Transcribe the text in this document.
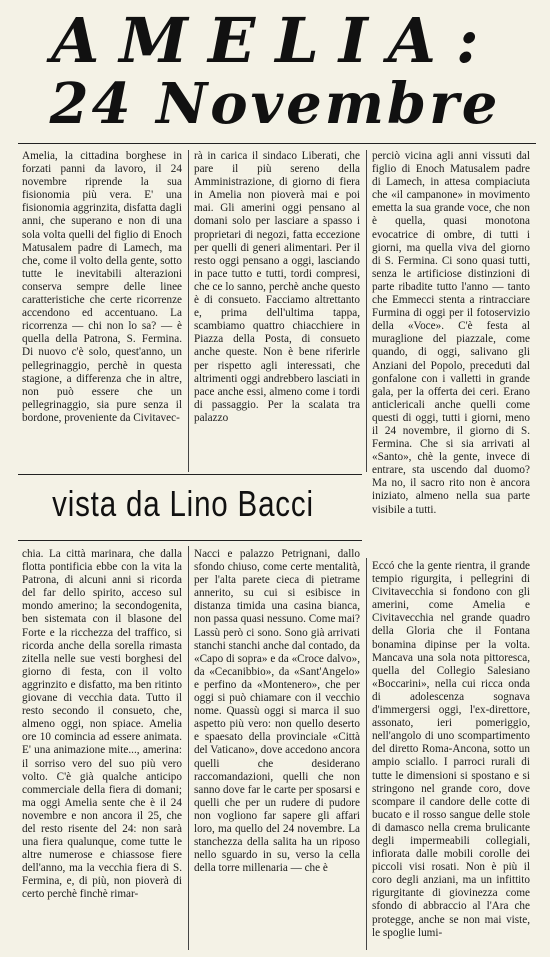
AMELIA:
24 Novembre
Amelia, la cittadina borghese in forzati panni da lavoro, il 24 novembre riprende la sua fisionomia più vera. E' una fisionomia aggrinzita, disfatta dagli anni, che superano e non di una sola volta quelli del figlio di Enoch Matusalem padre di Lamech, ma che, come il volto della gente, sotto tutte le inevitabili alterazioni conserva sempre delle linee caratteristiche che certe ricorrenze accendono ed accentuano. La ricorrenza — chi non lo sa? — è quella della Patrona, S. Fermina. Di nuovo c'è solo, quest'anno, un pellegrinaggio, perchè in questa stagione, a differenza che in altre, non può essere che un pellegrinaggio, sia pure senza il bordone, proveniente da Civitavec-
rà in carica il sindaco Liberati, che pare il più sereno della Amministrazione, di giorno di fiera in Amelia non pioverà mai e poi mai. Gli amerini oggi pensano al domani solo per lasciare a spasso i proprietari di negozi, fatta eccezione per quelli di generi alimentari. Per il resto oggi pensano a oggi, lasciando in pace tutto e tutti, tordi compresi, che ce lo sanno, perchè anche questo è di consueto. Facciamo altrettanto e, prima dell'ultima tappa, scambiamo quattro chiacchiere in Piazza della Posta, di consueto anche queste. Non è bene riferirle per rispetto agli interessati, che altrimenti oggi andrebbero lasciati in pace anche essi, almeno come i tordi di passaggio. Per la scalata tra palazzo
perciò vicina agli anni vissuti dal figlio di Enoch Matusalem padre di Lamech, in attesa compiaciuta che «il campanone» in movimento emetta la sua grande voce, che non è quella, quasi monotona evocatrice di ombre, di tutti i giorni, ma quella viva del giorno di S. Fermina. Ci sono quasi tutti, senza le artificiose distinzioni di parte ribadite tutto l'anno — tanto che Emmecci stenta a rintracciare Furmina di oggi per il fotoservizio della «Voce». C'è festa al muraglione del piazzale, come quando, di oggi, salivano gli Anziani del Popolo, preceduti dal gonfalone con i valletti in grande gala, per la offerta dei ceri. Erano anticlericali anche quelli come questi di oggi, tutti i giorni, meno il 24 novembre, il giorno di S. Fermina. Che si sia arrivati al «Santo», chè la gente, invece di entrare, sta uscendo dal duomo? Ma no, il sacro rito non è ancora iniziato, almeno nella sua parte visibile a tutti.
vista da Lino Bacci
chia. La città marinara, che dalla flotta pontificia ebbe con la vita la Patrona, di alcuni anni si ricorda del far dello spirito, acceso sul mondo amerino; la secondogenita, ben sistemata con il blasone del Forte e la ricchezza del traffico, si ricorda anche della sorella rimasta zitella nelle sue vesti borghesi del giorno di festa, con il volto aggrinzito e disfatto, ma ben ritinto giovane di vecchia data. Tutto il resto secondo il consueto, che, almeno oggi, non spiace. Amelia ore 10 comincia ad essere animata. E' una animazione mite..., amerina: il sorriso vero del suo più vero volto. C'è già qualche anticipo commerciale della fiera di domani; ma oggi Amelia sente che è il 24 novembre e non ancora il 25, che del resto risente del 24: non sarà una fiera qualunque, come tutte le altre numerose e chiassose fiere dell'anno, ma la vecchia fiera di S. Fermina, e, di più, non pioverà di certo perchè finchè rimar-
Nacci e palazzo Petrignani, dallo sfondo chiuso, come certe mentalità, per l'alta parete cieca di pietrame annerito, su cui si esibisce in distanza timida una casina bianca, non passa quasi nessuno. Come mai? Lassù però ci sono. Sono già arrivati stanchi stanchi anche dal contado, da «Capo di sopra» e da «Croce dalvo», da «Cecanibbio», da «Sant'Angelo» e perfino da «Montenero», che per oggi si può chiamare con il vecchio nome. Quassù oggi si marca il suo aspetto più vero: non quello deserto e spaesato della provinciale «Città del Vaticano», dove accedono ancora quelli che desiderano raccomandazioni, quelli che non sanno dove far le carte per sposarsi e quelli che per un rudere di pudore non vogliono far sapere gli affari loro, ma quello del 24 novembre. La stanchezza della salita ha un riposo nello sguardo in su, verso la cella della torre millenaria — che è
Eccó che la gente rientra, il grande tempio rigurgita, i pellegrini di Civitavecchia si fondono con gli amerini, come Amelia e Civitavecchia nel grande quadro della Gloria che il Fontana bonamina dipinse per la volta. Mancava una sola nota pittoresca, quella del Collegio Salesiano «Boccarini», nella cui ricca onda di adolescenza sognava d'immergersi oggi, l'ex-direttore, assonato, ieri pomeriggio, nell'angolo di uno scompartimento del diretto Roma-Ancona, sotto un ampio sciallo. I parroci rurali di tutte le dimensioni si spostano e si stringono nel grande coro, dove scompare il candore delle cotte di bucato e il rosso sangue delle stole di damasco nella crema brulicante degli impermeabili collegiali, infiorata dalle mobili corolle dei piccoli visi rosati. Non è più il coro degli anziani, ma un infittito rigurgitante di giovinezza come sfondo di abbraccio al l'Ara che protegge, anche se non mai viste, le spoglie lumi-
